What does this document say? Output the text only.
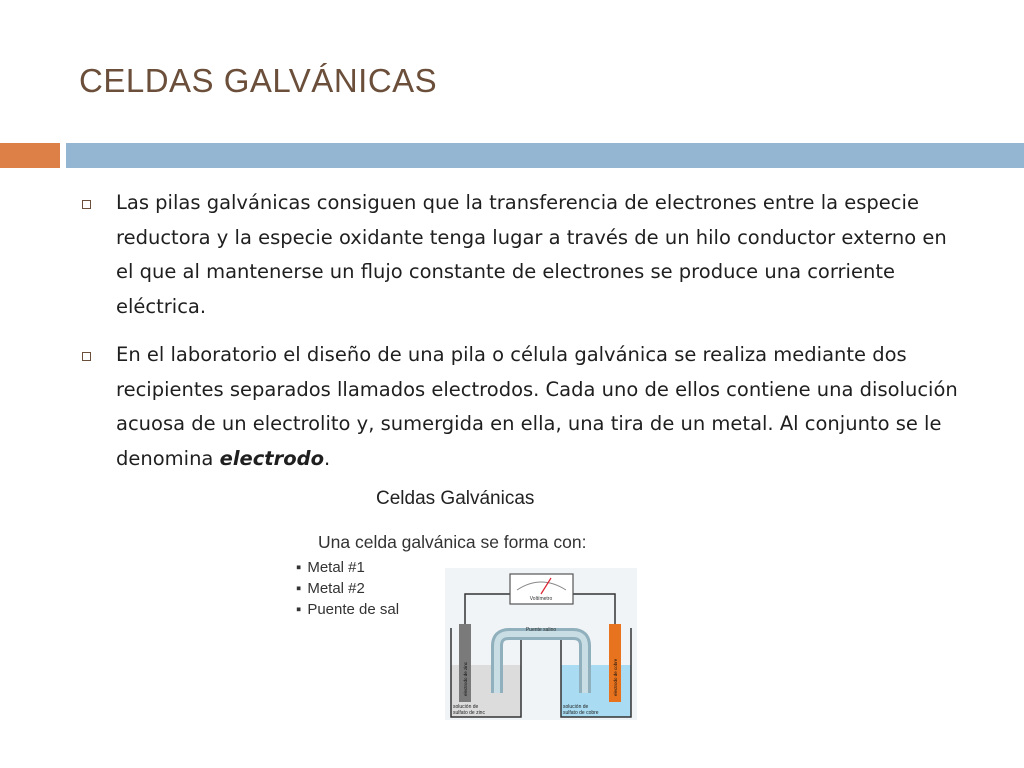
CELDAS GALVÁNICAS
Las pilas galvánicas consiguen que la transferencia de electrones entre la especie reductora y la especie oxidante tenga lugar a través de un hilo conductor externo en el que al mantenerse un flujo constante de electrones se produce una corriente eléctrica.
En el laboratorio el diseño de una pila o célula galvánica se realiza mediante dos recipientes separados llamados electrodos. Cada uno de ellos contiene una disolución acuosa de un electrolito y, sumergida en ella, una tira de un metal. Al conjunto se le denomina electrodo.
Celdas Galvánicas
Una celda galvánica se forma con:
▪ Metal #1
▪ Metal #2
▪ Puente de sal
Voltímetro
Puente salino
electrodo de zinc	electrodo de cobre
solución de
sulfato de zinc
solución de
sulfato de cobre
